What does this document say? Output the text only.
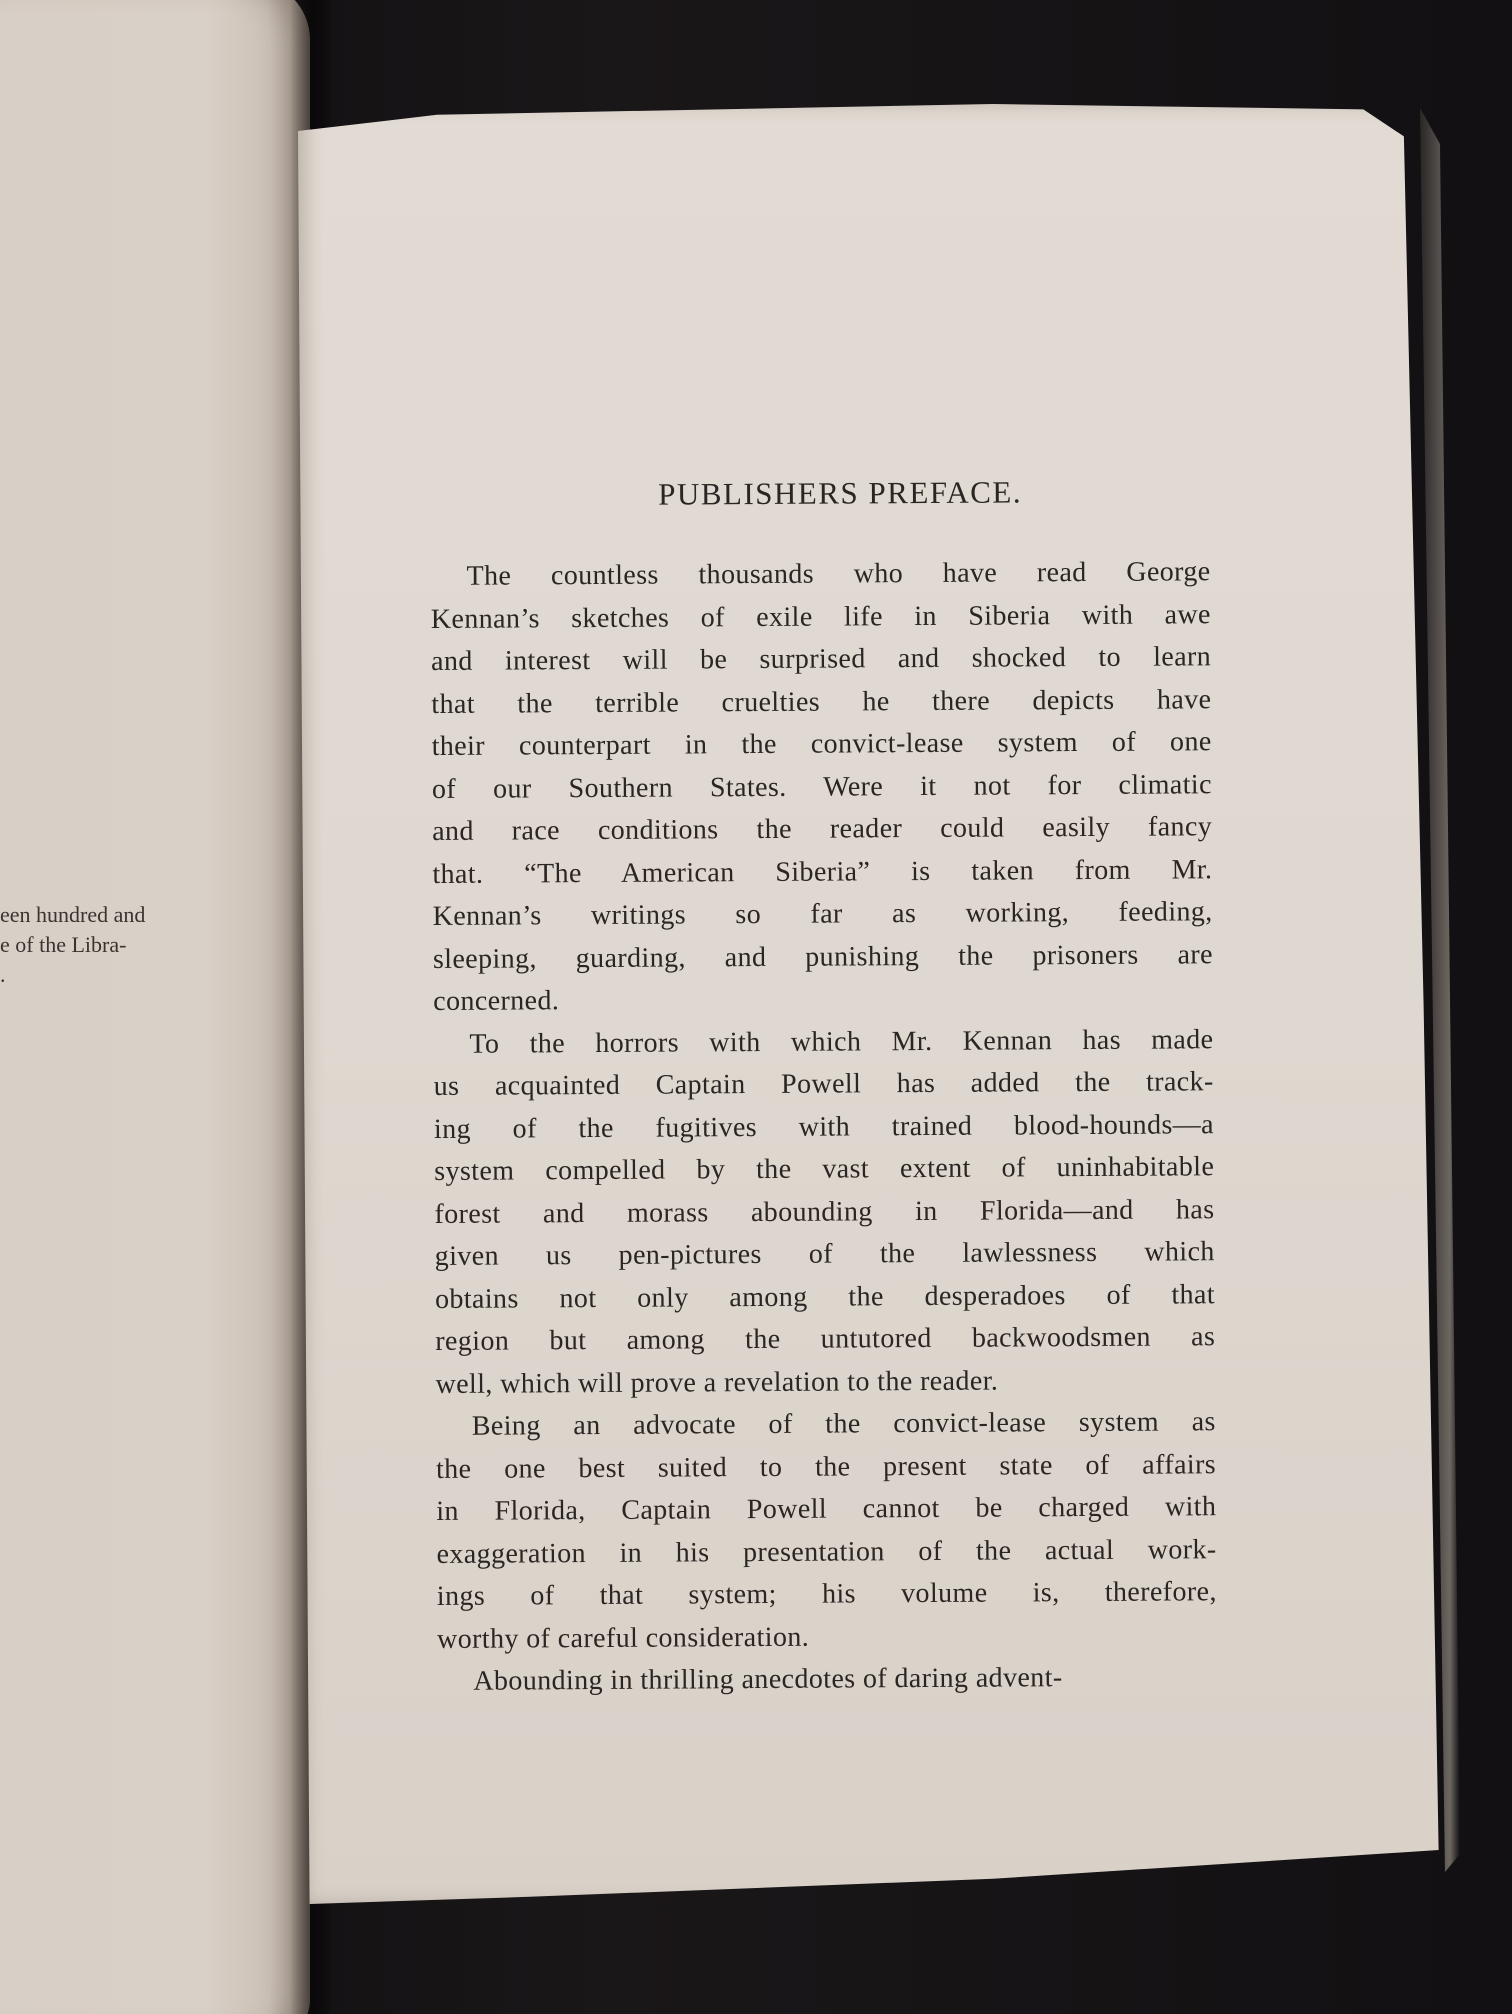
een hundred and
e of the Libra-
.
PUBLISHERS PREFACE.
The countless thousands who have read George
Kennan’s sketches of exile life in Siberia with awe
and interest will be surprised and shocked to learn
that the terrible cruelties he there depicts have
their counterpart in the convict-lease system of one
of our Southern States. Were it not for climatic
and race conditions the reader could easily fancy
that. “The American Siberia” is taken from Mr.
Kennan’s writings so far as working, feeding,
sleeping, guarding, and punishing the prisoners are
concerned.
To the horrors with which Mr. Kennan has made
us acquainted Captain Powell has added the track-
ing of the fugitives with trained blood-hounds—a
system compelled by the vast extent of uninhabitable
forest and morass abounding in Florida—and has
given us pen-pictures of the lawlessness which
obtains not only among the desperadoes of that
region but among the untutored backwoodsmen as
well, which will prove a revelation to the reader.
Being an advocate of the convict-lease system as
the one best suited to the present state of affairs
in Florida, Captain Powell cannot be charged with
exaggeration in his presentation of the actual work-
ings of that system; his volume is, therefore,
worthy of careful consideration.
Abounding in thrilling anecdotes of daring advent-
